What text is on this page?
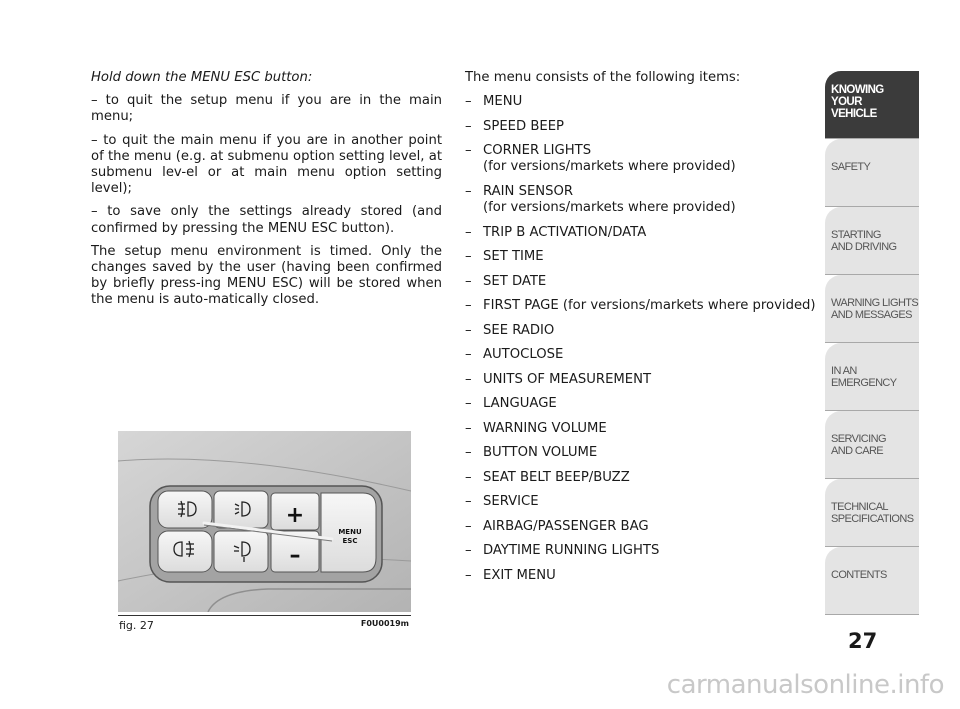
Hold down the MENU ESC button:

– to quit the setup menu if you are in the main menu;

– to quit the main menu if you are in another point of the menu (e.g. at submenu option setting level, at submenu lev-el or at main menu option setting level);

– to save only the settings already stored (and confirmed by pressing the MENU ESC button).

The setup menu environment is timed. Only the changes saved by the user (having been confirmed by briefly press-ing MENU ESC) will be stored when the menu is auto-matically closed.

The menu consists of the following items:

– MENU
– SPEED BEEP
– CORNER LIGHTS
(for versions/markets where provided)
– RAIN SENSOR
(for versions/markets where provided)
– TRIP B ACTIVATION/DATA
– SET TIME
– SET DATE
– FIRST PAGE (for versions/markets where provided)
– SEE RADIO
– AUTOCLOSE
– UNITS OF MEASUREMENT
– LANGUAGE
– WARNING VOLUME
– BUTTON VOLUME
– SEAT BELT BEEP/BUZZ
– SERVICE
– AIRBAG/PASSENGER BAG
– DAYTIME RUNNING LIGHTS
– EXIT MENU
+
–
MENU
ESC
fig. 27	F0U0019m
KNOWING
YOUR
VEHICLE
SAFETY
STARTING
AND DRIVING
WARNING LIGHTS
AND MESSAGES
IN AN
EMERGENCY
SERVICING
AND CARE
TECHNICAL
SPECIFICATIONS
CONTENTS
27
carmanualsonline.info
